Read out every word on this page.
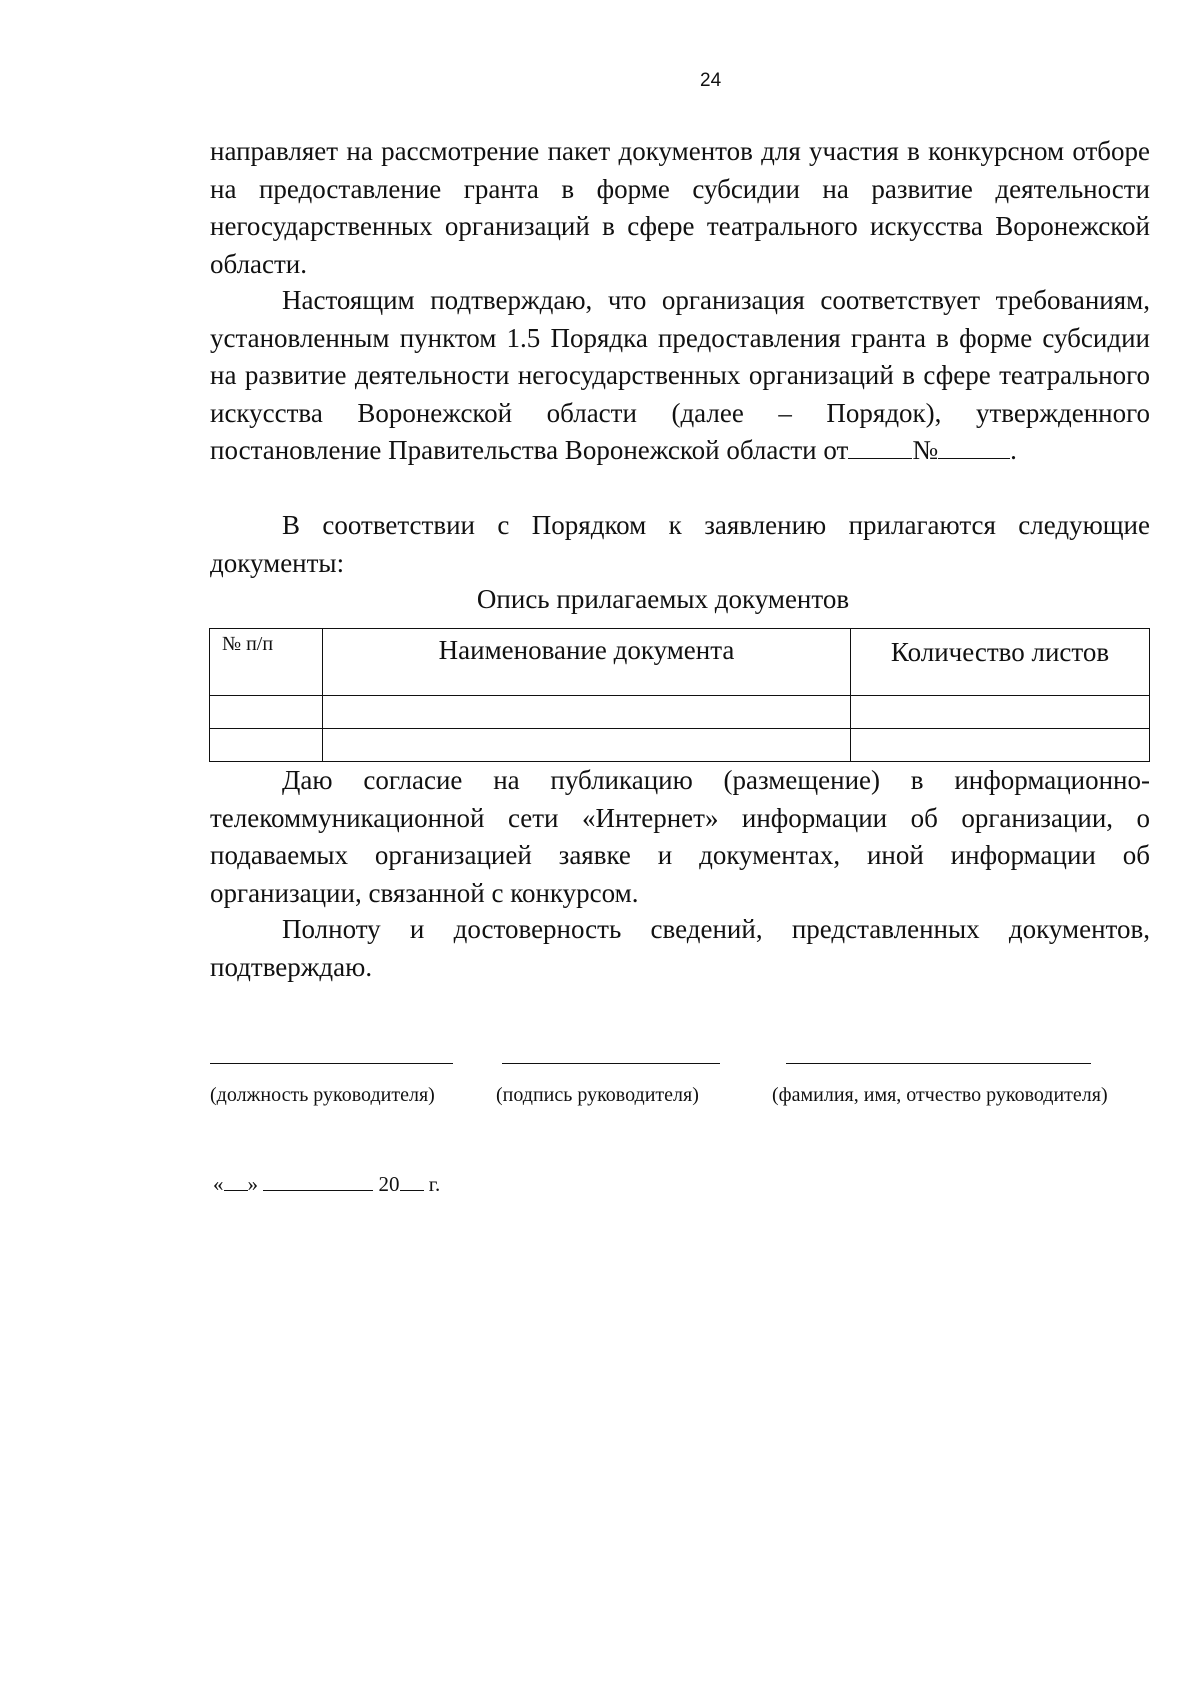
24

направляет на рассмотрение пакет документов для участия в конкурсном отборе на предоставление гранта в форме субсидии на развитие деятельности негосударственных организаций в сфере театрального искусства Воронежской области.

Настоящим подтверждаю, что организация соответствует требованиям, установленным пунктом 1.5 Порядка предоставления гранта в форме субсидии на развитие деятельности негосударственных организаций в сфере театрального искусства Воронежской области (далее – Порядок), утвержденного постановление Правительства Воронежской области от №	.

В соответствии с Порядком к заявлению прилагаются следующие документы:

Опись прилагаемых документов
№ п/п	Наименование документа	Количество листов

Даю согласие на публикацию (размещение) в информационно-телекоммуникационной сети «Интернет» информации об организации, о подаваемых организацией заявке и документах, иной информации об организации, связанной с конкурсом.

Полноту и достоверность сведений, представленных документов, подтверждаю.

(должность руководителя)	(подпись руководителя)	(фамилия, имя, отчество руководителя)
« »	20 г.
